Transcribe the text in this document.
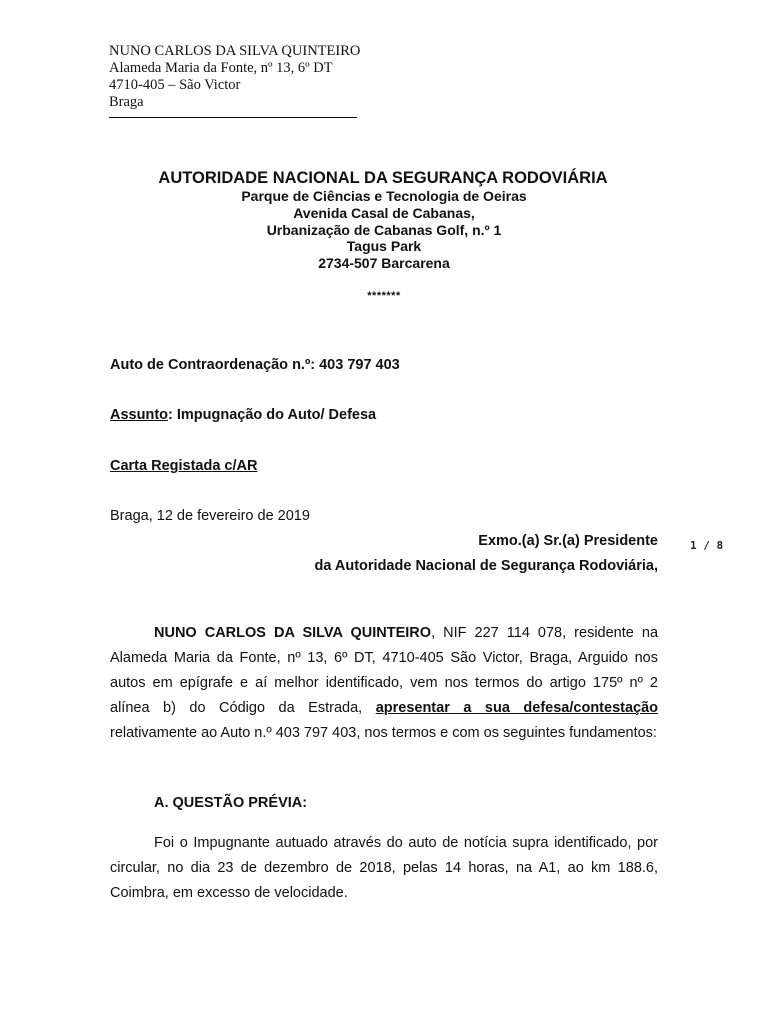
NUNO CARLOS DA SILVA QUINTEIRO
Alameda Maria da Fonte, nº 13, 6º DT
4710-405 – São Victor
Braga
AUTORIDADE NACIONAL DA SEGURANÇA RODOVIÁRIA
Parque de Ciências e Tecnologia de Oeiras
Avenida Casal de Cabanas,
Urbanização de Cabanas Golf, n.º 1
Tagus Park
2734-507 Barcarena
*******
Auto de Contraordenação n.º: 403 797 403
Assunto: Impugnação do Auto/ Defesa
Carta Registada c/AR
Braga, 12 de fevereiro de 2019
Exmo.(a) Sr.(a) Presidente
da Autoridade Nacional de Segurança Rodoviária,
1 / 8
NUNO CARLOS DA SILVA QUINTEIRO, NIF 227 114 078, residente na Alameda Maria da Fonte, nº 13, 6º DT, 4710-405 São Victor, Braga, Arguido nos autos em epígrafe e aí melhor identificado, vem nos termos do artigo 175º nº 2 alínea b) do Código da Estrada, apresentar a sua defesa/contestação relativamente ao Auto n.º 403 797 403, nos termos e com os seguintes fundamentos:
A. QUESTÃO PRÉVIA:
Foi o Impugnante autuado através do auto de notícia supra identificado, por circular, no dia 23 de dezembro de 2018, pelas 14 horas, na A1, ao km 188.6, Coimbra, em excesso de velocidade.
